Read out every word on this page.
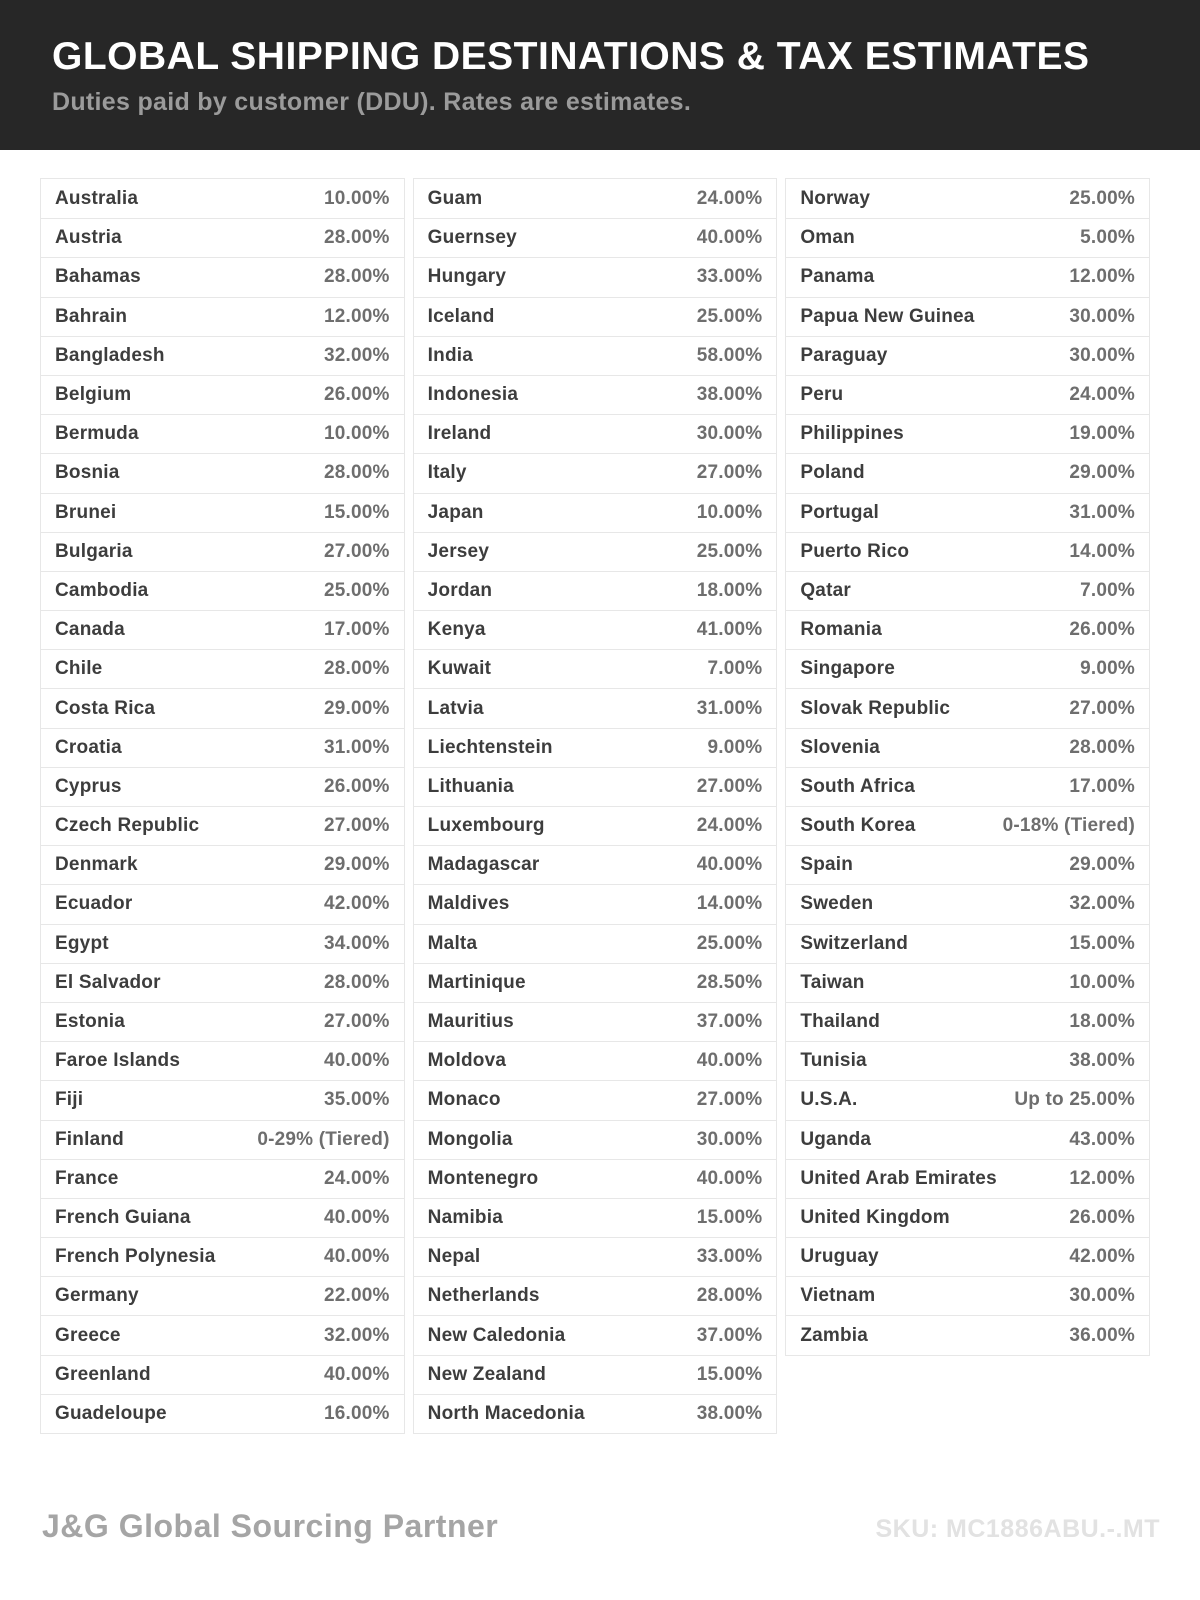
GLOBAL SHIPPING DESTINATIONS & TAX ESTIMATES
Duties paid by customer (DDU). Rates are estimates.
Australia	10.00%
Austria	28.00%
Bahamas	28.00%
Bahrain	12.00%
Bangladesh	32.00%
Belgium	26.00%
Bermuda	10.00%
Bosnia	28.00%
Brunei	15.00%
Bulgaria	27.00%
Cambodia	25.00%
Canada	17.00%
Chile	28.00%
Costa Rica	29.00%
Croatia	31.00%
Cyprus	26.00%
Czech Republic	27.00%
Denmark	29.00%
Ecuador	42.00%
Egypt	34.00%
El Salvador	28.00%
Estonia	27.00%
Faroe Islands	40.00%
Fiji	35.00%
Finland	0-29% (Tiered)
France	24.00%
French Guiana	40.00%
French Polynesia	40.00%
Germany	22.00%
Greece	32.00%
Greenland	40.00%
Guadeloupe	16.00%
Guam	24.00%
Guernsey	40.00%
Hungary	33.00%
Iceland	25.00%
India	58.00%
Indonesia	38.00%
Ireland	30.00%
Italy	27.00%
Japan	10.00%
Jersey	25.00%
Jordan	18.00%
Kenya	41.00%
Kuwait	7.00%
Latvia	31.00%
Liechtenstein	9.00%
Lithuania	27.00%
Luxembourg	24.00%
Madagascar	40.00%
Maldives	14.00%
Malta	25.00%
Martinique	28.50%
Mauritius	37.00%
Moldova	40.00%
Monaco	27.00%
Mongolia	30.00%
Montenegro	40.00%
Namibia	15.00%
Nepal	33.00%
Netherlands	28.00%
New Caledonia	37.00%
New Zealand	15.00%
North Macedonia	38.00%
Norway	25.00%
Oman	5.00%
Panama	12.00%
Papua New Guinea	30.00%
Paraguay	30.00%
Peru	24.00%
Philippines	19.00%
Poland	29.00%
Portugal	31.00%
Puerto Rico	14.00%
Qatar	7.00%
Romania	26.00%
Singapore	9.00%
Slovak Republic	27.00%
Slovenia	28.00%
South Africa	17.00%
South Korea	0-18% (Tiered)
Spain	29.00%
Sweden	32.00%
Switzerland	15.00%
Taiwan	10.00%
Thailand	18.00%
Tunisia	38.00%
U.S.A.	Up to 25.00%
Uganda	43.00%
United Arab Emirates	12.00%
United Kingdom	26.00%
Uruguay	42.00%
Vietnam	30.00%
Zambia	36.00%
J&G Global Sourcing Partner	SKU: MC1886ABU.-.MT
